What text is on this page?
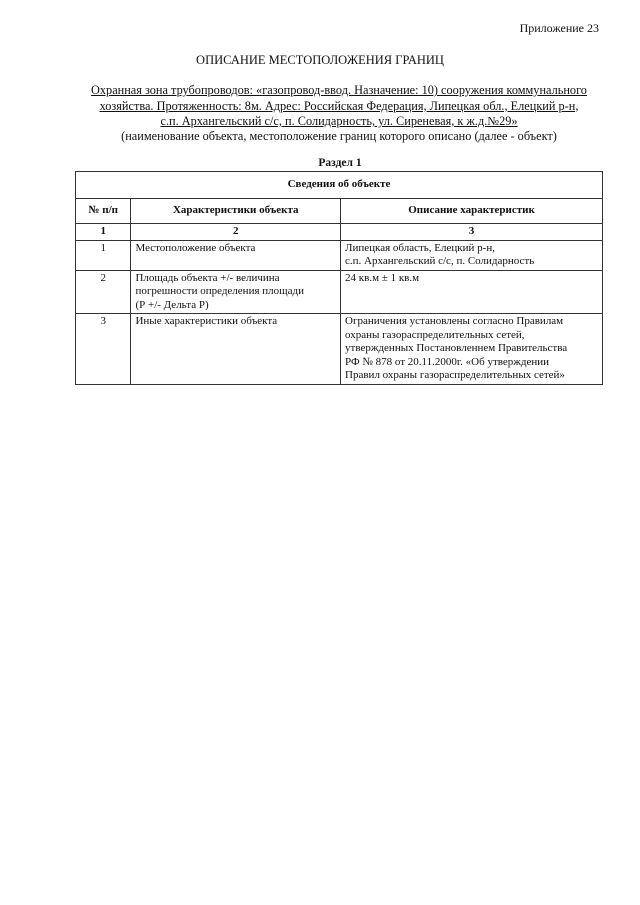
Приложение 23
ОПИСАНИЕ МЕСТОПОЛОЖЕНИЯ ГРАНИЦ
Охранная зона трубопроводов: «газопровод-ввод. Назначение: 10) сооружения коммунального
хозяйства. Протяженность: 8м. Адрес: Российская Федерация, Липецкая обл., Елецкий р-н,
с.п. Архангельский с/с, п. Солидарность, ул. Сиреневая, к ж.д.№29»
(наименование объекта, местоположение границ которого описано (далее - объект)
Раздел 1
Сведения об объекте		
№ п/п	Характеристики объекта	Описание характеристик
1	2	3
1	Местоположение объекта	Липецкая область, Елецкий р-н,
с.п. Архангельский с/с, п. Солидарность

2	Площадь объекта +/- величина
погрешности определения площади
(Р +/- Дельта Р)	24 кв.м ± 1 кв.м
3	Иные характеристики объекта	Ограничения установлены согласно Правилам
охраны газораспределительных сетей,
утвержденных Постановленнем Правительства
РФ № 878 от 20.11.2000г. «Об утверждении
Правил охраны газораспределительных сетей»
